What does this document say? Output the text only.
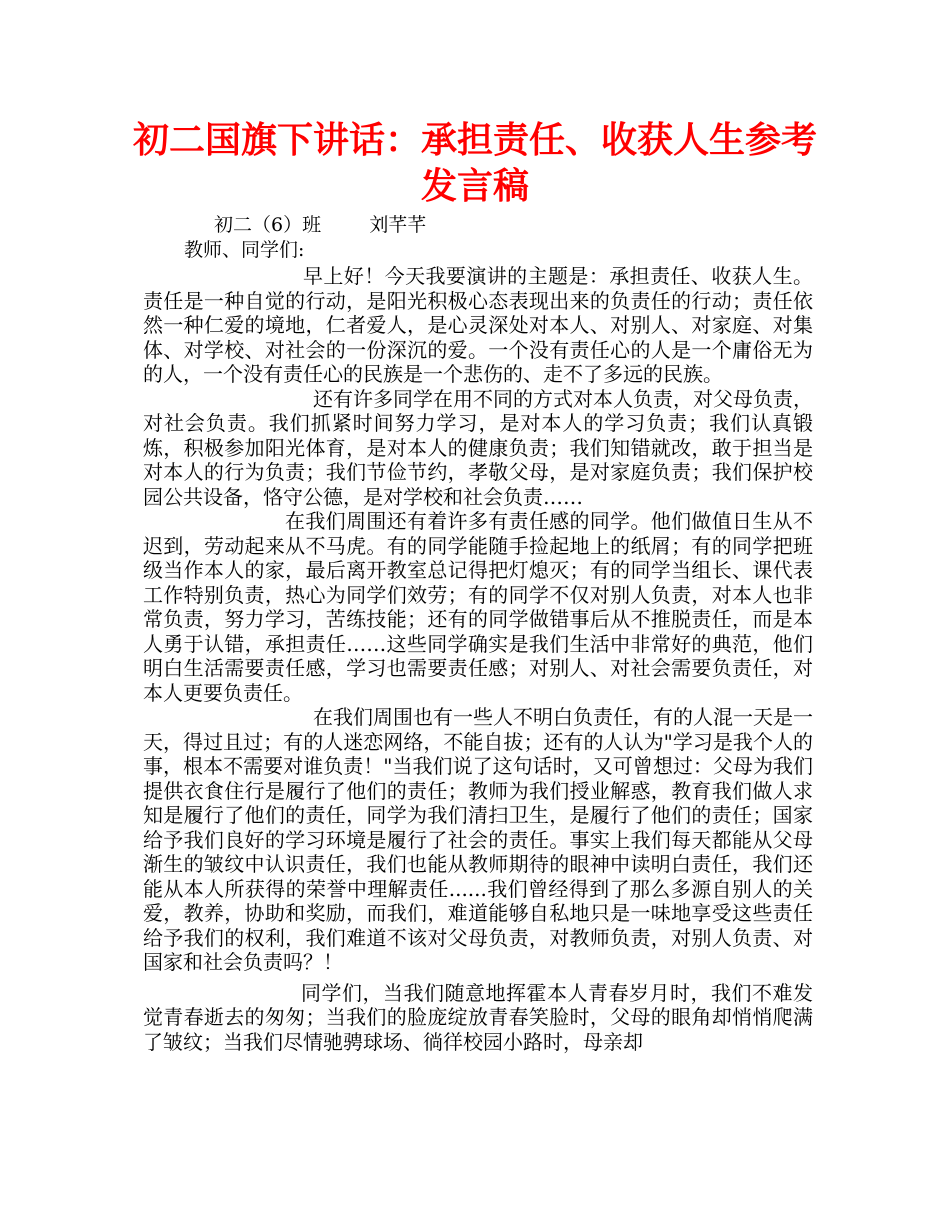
初二国旗下讲话：承担责任、收获人生参考发言稿

初二（6）班        刘芊芊

教师、同学们:

早上好！今天我要演讲的主题是：承担责任、收获人生。责任是一种自觉的行动，是阳光积极心态表现出来的负责任的行动；责任依然一种仁爱的境地，仁者爱人，是心灵深处对本人、对别人、对家庭、对集体、对学校、对社会的一份深沉的爱。一个没有责任心的人是一个庸俗无为的人，一个没有责任心的民族是一个悲伤的、走不了多远的民族。

还有许多同学在用不同的方式对本人负责，对父母负责，对社会负责。我们抓紧时间努力学习，是对本人的学习负责；我们认真锻炼，积极参加阳光体育，是对本人的健康负责；我们知错就改，敢于担当是对本人的行为负责；我们节俭节约，孝敬父母，是对家庭负责；我们保护校园公共设备，恪守公德，是对学校和社会负责……

在我们周围还有着许多有责任感的同学。他们做值日生从不迟到，劳动起来从不马虎。有的同学能随手捡起地上的纸屑；有的同学把班级当作本人的家，最后离开教室总记得把灯熄灭；有的同学当组长、课代表工作特别负责，热心为同学们效劳；有的同学不仅对别人负责，对本人也非常负责，努力学习，苦练技能；还有的同学做错事后从不推脱责任，而是本人勇于认错，承担责任……这些同学确实是我们生活中非常好的典范，他们明白生活需要责任感，学习也需要责任感；对别人、对社会需要负责任，对本人更要负责任。

在我们周围也有一些人不明白负责任，有的人混一天是一天，得过且过；有的人迷恋网络，不能自拔；还有的人认为"学习是我个人的事，根本不需要对谁负责！"当我们说了这句话时，又可曾想过：父母为我们提供衣食住行是履行了他们的责任；教师为我们授业解惑，教育我们做人求知是履行了他们的责任，同学为我们清扫卫生，是履行了他们的责任；国家给予我们良好的学习环境是履行了社会的责任。事实上我们每天都能从父母渐生的皱纹中认识责任，我们也能从教师期待的眼神中读明白责任，我们还能从本人所获得的荣誉中理解责任......我们曾经得到了那么多源自别人的关爱，教养，协助和奖励，而我们，难道能够自私地只是一味地享受这些责任给予我们的权利，我们难道不该对父母负责，对教师负责，对别人负责、对国家和社会负责吗？！

同学们，当我们随意地挥霍本人青春岁月时，我们不难发觉青春逝去的匆匆；当我们的脸庞绽放青春笑脸时，父母的眼角却悄悄爬满了皱纹；当我们尽情驰骋球场、徜徉校园小路时，母亲却
